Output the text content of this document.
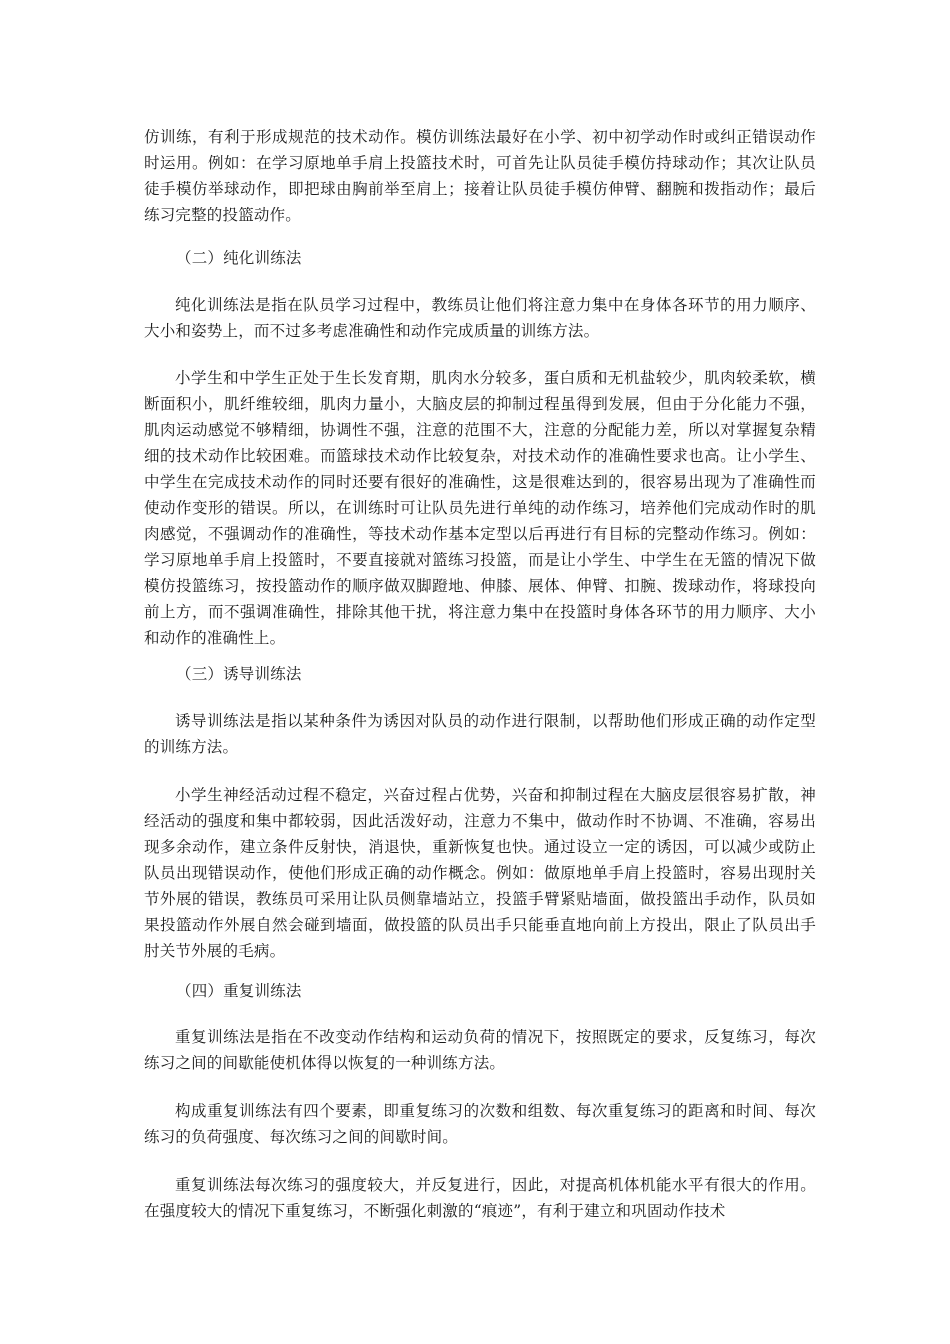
仿训练，有利于形成规范的技术动作。模仿训练法最好在小学、初中初学动作时或纠正错误动作时运用。例如：在学习原地单手肩上投篮技术时，可首先让队员徒手模仿持球动作；其次让队员徒手模仿举球动作，即把球由胸前举至肩上；接着让队员徒手模仿伸臂、翻腕和拨指动作；最后练习完整的投篮动作。

（二）纯化训练法

纯化训练法是指在队员学习过程中，教练员让他们将注意力集中在身体各环节的用力顺序、大小和姿势上，而不过多考虑准确性和动作完成质量的训练方法。

小学生和中学生正处于生长发育期，肌肉水分较多，蛋白质和无机盐较少，肌肉较柔软，横断面积小，肌纤维较细，肌肉力量小，大脑皮层的抑制过程虽得到发展，但由于分化能力不强，肌肉运动感觉不够精细，协调性不强，注意的范围不大，注意的分配能力差，所以对掌握复杂精细的技术动作比较困难。而篮球技术动作比较复杂，对技术动作的准确性要求也高。让小学生、中学生在完成技术动作的同时还要有很好的准确性，这是很难达到的，很容易出现为了准确性而使动作变形的错误。所以，在训练时可让队员先进行单纯的动作练习，培养他们完成动作时的肌肉感觉，不强调动作的准确性，等技术动作基本定型以后再进行有目标的完整动作练习。例如：学习原地单手肩上投篮时，不要直接就对篮练习投篮，而是让小学生、中学生在无篮的情况下做模仿投篮练习，按投篮动作的顺序做双脚蹬地、伸膝、展体、伸臂、扣腕、拨球动作，将球投向前上方，而不强调准确性，排除其他干扰，将注意力集中在投篮时身体各环节的用力顺序、大小和动作的准确性上。

（三）诱导训练法

诱导训练法是指以某种条件为诱因对队员的动作进行限制，以帮助他们形成正确的动作定型的训练方法。

小学生神经活动过程不稳定，兴奋过程占优势，兴奋和抑制过程在大脑皮层很容易扩散，神经活动的强度和集中都较弱，因此活泼好动，注意力不集中，做动作时不协调、不准确，容易出现多余动作，建立条件反射快，消退快，重新恢复也快。通过设立一定的诱因，可以减少或防止队员出现错误动作，使他们形成正确的动作概念。例如：做原地单手肩上投篮时，容易出现肘关节外展的错误，教练员可采用让队员侧靠墙站立，投篮手臂紧贴墙面，做投篮出手动作，队员如果投篮动作外展自然会碰到墙面，做投篮的队员出手只能垂直地向前上方投出，限止了队员出手肘关节外展的毛病。

（四）重复训练法

重复训练法是指在不改变动作结构和运动负荷的情况下，按照既定的要求，反复练习，每次练习之间的间歇能使机体得以恢复的一种训练方法。

构成重复训练法有四个要素，即重复练习的次数和组数、每次重复练习的距离和时间、每次练习的负荷强度、每次练习之间的间歇时间。

重复训练法每次练习的强度较大，并反复进行，因此，对提高机体机能水平有很大的作用。在强度较大的情况下重复练习，不断强化刺激的“痕迹”，有利于建立和巩固动作技术
